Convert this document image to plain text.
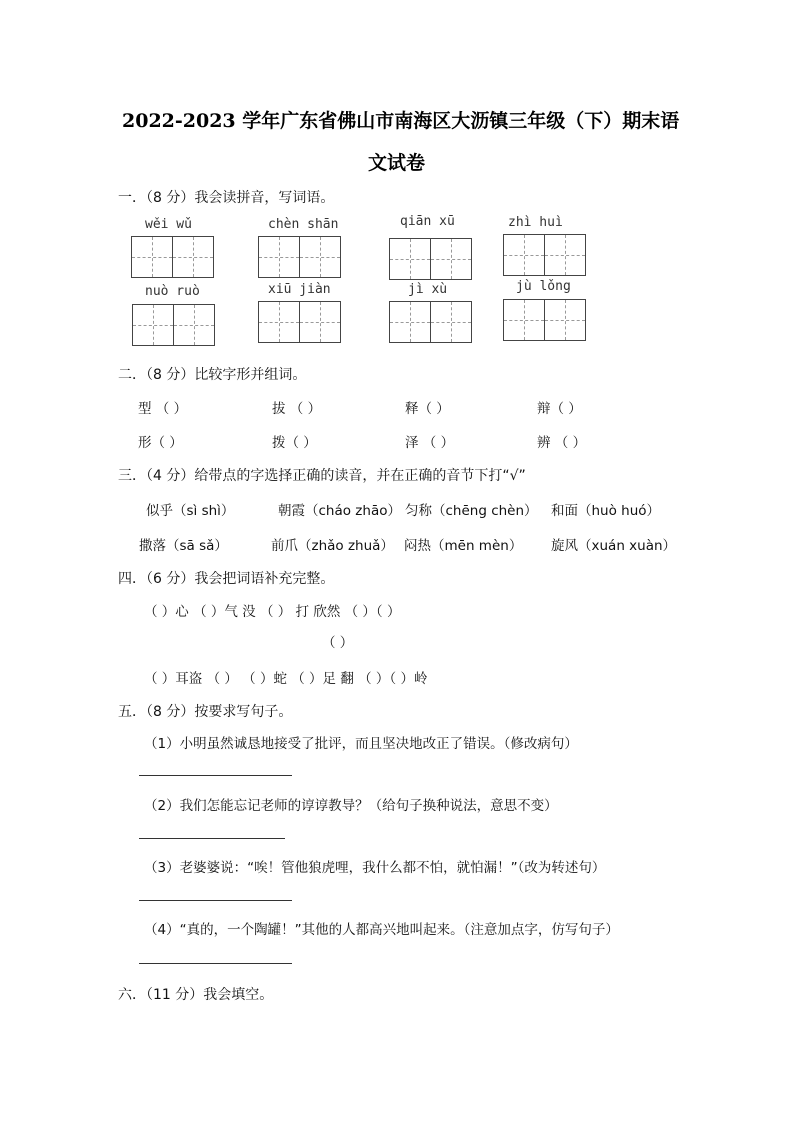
2022-2023 学年广东省佛山市南海区大沥镇三年级（下）期末语
文试卷
一．（8 分）我会读拼音，写词语。
wěi wǔ	chèn shān	qiān xū	zhì huì
nuò ruò	xiū jiàn	jì xù	jù lǒng
二．（8 分）比较字形并组词。
型 （ ）	拔 （ ）	释（ ）	辩（ ）
形（ ）	拨（ ）	泽 （ ）	辨 （ ）
三．（4 分）给带点的字选择正确的读音，并在正确的音节下打“√”
似乎（sì shì）	朝霞（cháo zhāo） 匀称（chēng chèn） 和面（huò huó）
撒落（sā sǎ）	前爪（zhǎo zhuǎ） 闷热（mēn mèn） 旋风（xuán xuàn）
四．（6 分）我会把词语补充完整。
（ ）心 （ ）气 没 （ ） 打 欣然 （ ）（ ）
（ ）
（ ）耳盗 （ ） （ ）蛇 （ ）足 翻 （ ）（ ）岭
五．（8 分）按要求写句子。
（1）小明虽然诚恳地接受了批评，而且坚决地改正了错误。（修改病句）
（2）我们怎能忘记老师的谆谆教导？（给句子换种说法，意思不变）
（3）老婆婆说：“唉！管他狼虎哩，我什么都不怕，就怕漏！”（改为转述句）
（4）“真的，一个陶罐！”其他的人都高兴地叫起来。（注意加点字，仿写句子）
六．（11 分）我会填空。
